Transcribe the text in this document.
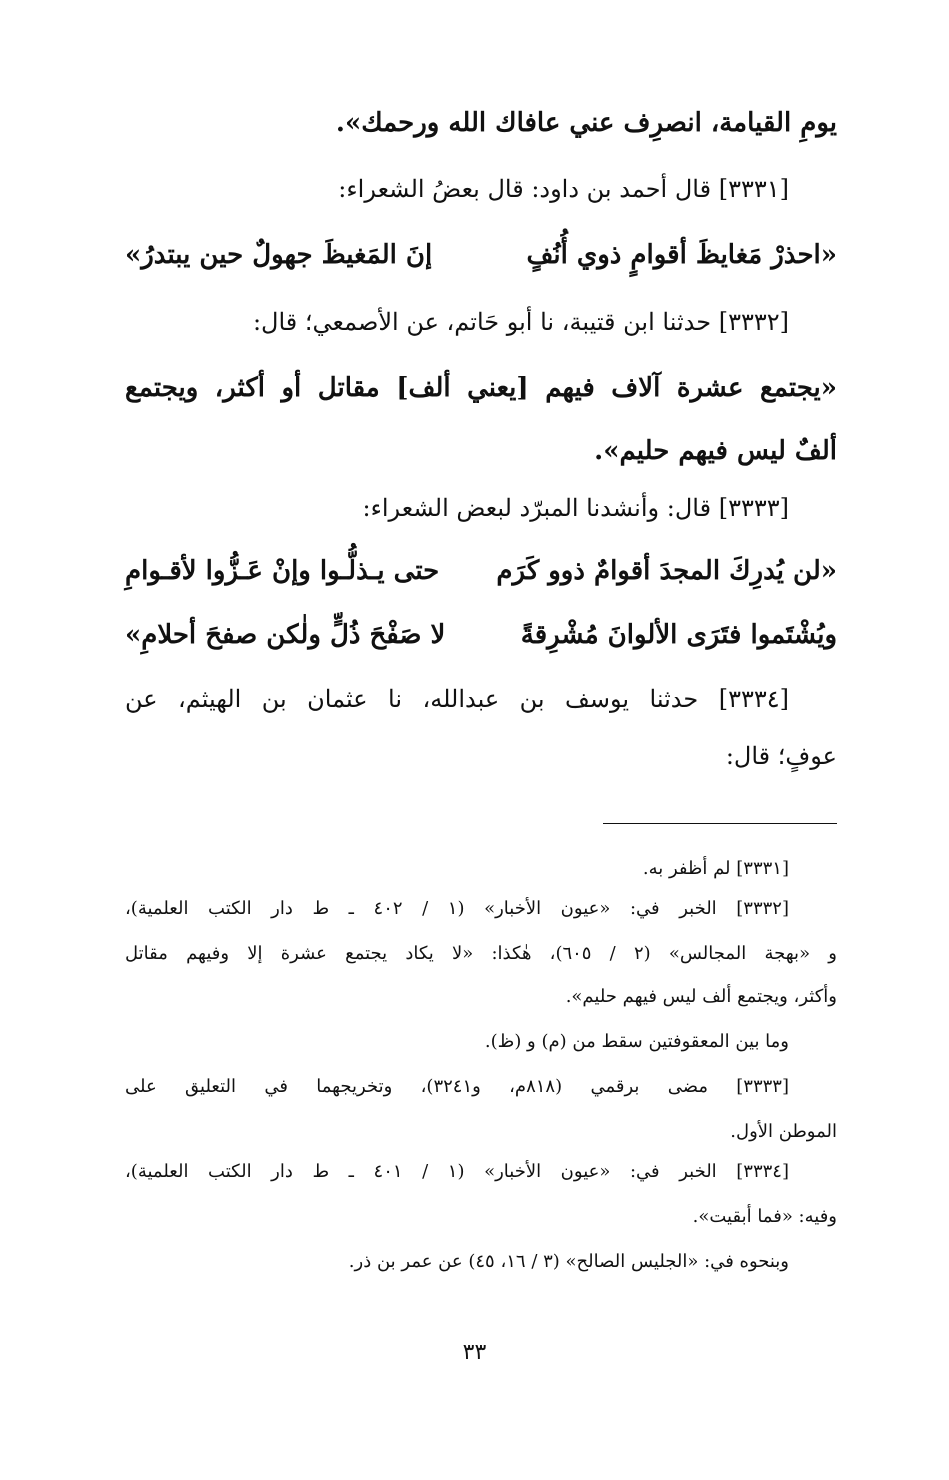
يومِ القيامة، انصرِف عني عافاك الله ورحمك».
[٣٣٣١] قال أحمد بن داود: قال بعضُ الشعراء:
«احذرْ مَغايظَ أقوامٍ ذوي أُنُفٍ
إنَ المَغيظَ جهولٌ حين يبتدرُ»
[٣٣٣٢] حدثنا ابن قتيبة، نا أبو حَاتم، عن الأصمعي؛ قال:
«يجتمع عشرة آلاف فيهم [يعني ألف] مقاتل أو أكثر، ويجتمع
ألفٌ ليس فيهم حليم».
[٣٣٣٣] قال: وأنشدنا المبرّد لبعض الشعراء:
«لن يُدرِكَ المجدَ أقوامٌ ذوو كَرَم
حتى يـذلُّـوا وإنْ عَـزُّوا لأقـوامِ
ويُشْتَموا فتَرَى الألوانَ مُشْرِقةً
لا صَفْحَ ذُلٍّ ولٰكن صفحَ أحلامِ»
[٣٣٣٤] حدثنا يوسف بن عبدالله، نا عثمان بن الهيثم، عن
عوفٍ؛ قال:
[٣٣٣١] لم أظفر به.
[٣٣٣٢] الخبر في: «عيون الأخبار» (١ / ٤٠٢ ـ ط دار الكتب العلمية)،
و «بهجة المجالس» (٢ / ٦٠٥)، هٰكذا: «لا يكاد يجتمع عشرة إلا وفيهم مقاتل
وأكثر، ويجتمع ألف ليس فيهم حليم».
وما بين المعقوفتين سقط من (م) و (ظ).
[٣٣٣٣] مضى برقمي (٨١٨م، و٣٢٤١)، وتخريجهما في التعليق على
الموطن الأول.
[٣٣٣٤] الخبر في: «عيون الأخبار» (١ / ٤٠١ ـ ط دار الكتب العلمية)،
وفيه: «فما أبقيت».
وبنحوه في: «الجليس الصالح» (٣ / ١٦، ٤٥) عن عمر بن ذر.
٣٣
